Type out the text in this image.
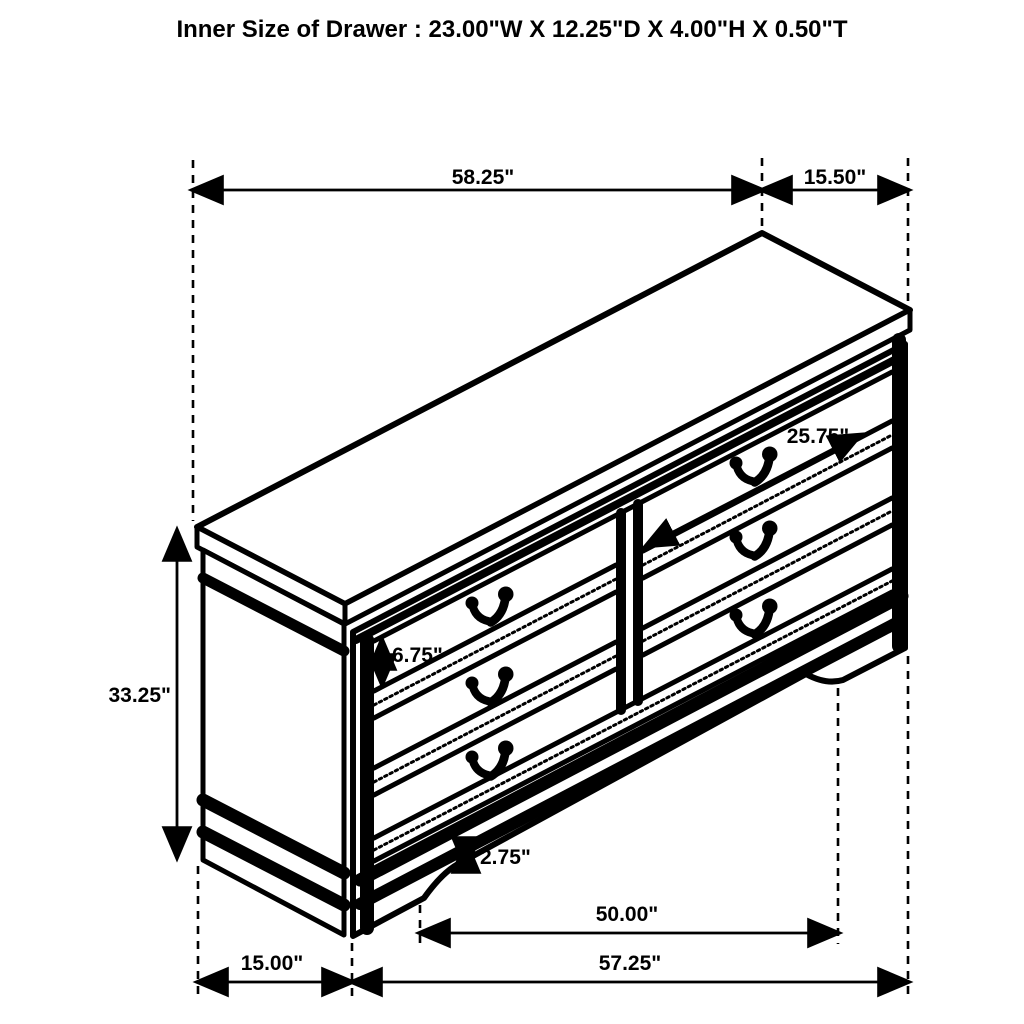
Inner Size of Drawer : 23.00"W X 12.25"D X 4.00"H X 0.50"T
58.25"	15.50"
33.25"
6.75"
25.75"
2.75"
50.00"
15.00"	57.25"
